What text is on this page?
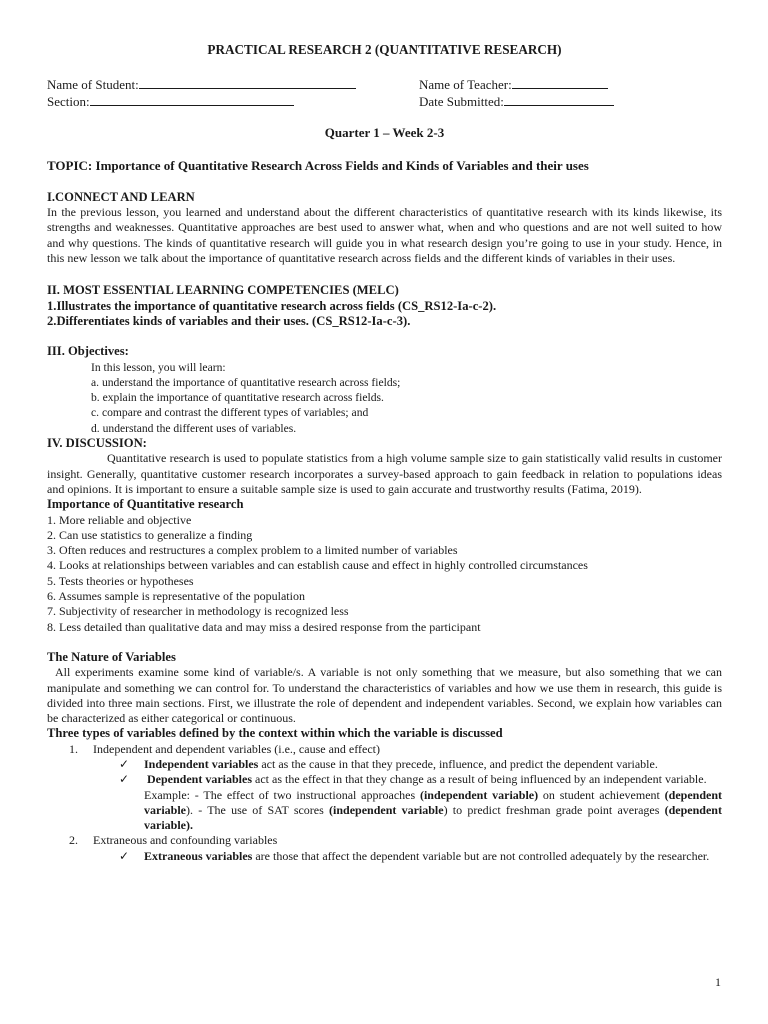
PRACTICAL RESEARCH 2 (QUANTITATIVE RESEARCH)
Name of Student:	Name of Teacher:
Section:	Date Submitted:
Quarter 1 – Week 2-3
TOPIC: Importance of Quantitative Research Across Fields and Kinds of Variables and their uses
I.CONNECT AND LEARN
In the previous lesson, you learned and understand about the different characteristics of quantitative research with its kinds likewise, its strengths and weaknesses. Quantitative approaches are best used to answer what, when and who questions and are not well suited to how and why questions. The kinds of quantitative research will guide you in what research design you’re going to use in your study. Hence, in this new lesson we talk about the importance of quantitative research across fields and the different kinds of variables in their uses.
II. MOST ESSENTIAL LEARNING COMPETENCIES (MELC)
1.Illustrates the importance of quantitative research across fields (CS_RS12-Ia-c-2).
2.Differentiates kinds of variables and their uses. (CS_RS12-Ia-c-3).
III. Objectives:
In this lesson, you will learn:
a. understand the importance of quantitative research across fields;
b. explain the importance of quantitative research across fields.
c. compare and contrast the different types of variables; and
d. understand the different uses of variables.
IV. DISCUSSION:
Quantitative research is used to populate statistics from a high volume sample size to gain statistically valid results in customer insight. Generally, quantitative customer research incorporates a survey-based approach to gain feedback in relation to populations ideas and opinions. It is important to ensure a suitable sample size is used to gain accurate and trustworthy results (Fatima, 2019).
Importance of Quantitative research
1. More reliable and objective
2. Can use statistics to generalize a finding
3. Often reduces and restructures a complex problem to a limited number of variables
4. Looks at relationships between variables and can establish cause and effect in highly controlled circumstances
5. Tests theories or hypotheses
6. Assumes sample is representative of the population
7. Subjectivity of researcher in methodology is recognized less
8. Less detailed than qualitative data and may miss a desired response from the participant
The Nature of Variables
All experiments examine some kind of variable/s. A variable is not only something that we measure, but also something that we can manipulate and something we can control for. To understand the characteristics of variables and how we use them in research, this guide is divided into three main sections. First, we illustrate the role of dependent and independent variables. Second, we explain how variables can be characterized as either categorical or continuous.
Three types of variables defined by the context within which the variable is discussed
1. Independent and dependent variables (i.e., cause and effect)
✓ Independent variables act as the cause in that they precede, influence, and predict the dependent variable.
✓ Dependent variables act as the effect in that they change as a result of being influenced by an independent variable.
Example: - The effect of two instructional approaches (independent variable) on student achievement (dependent variable). - The use of SAT scores (independent variable) to predict freshman grade point averages (dependent variable).
2. Extraneous and confounding variables
✓ Extraneous variables are those that affect the dependent variable but are not controlled adequately by the researcher.
1
